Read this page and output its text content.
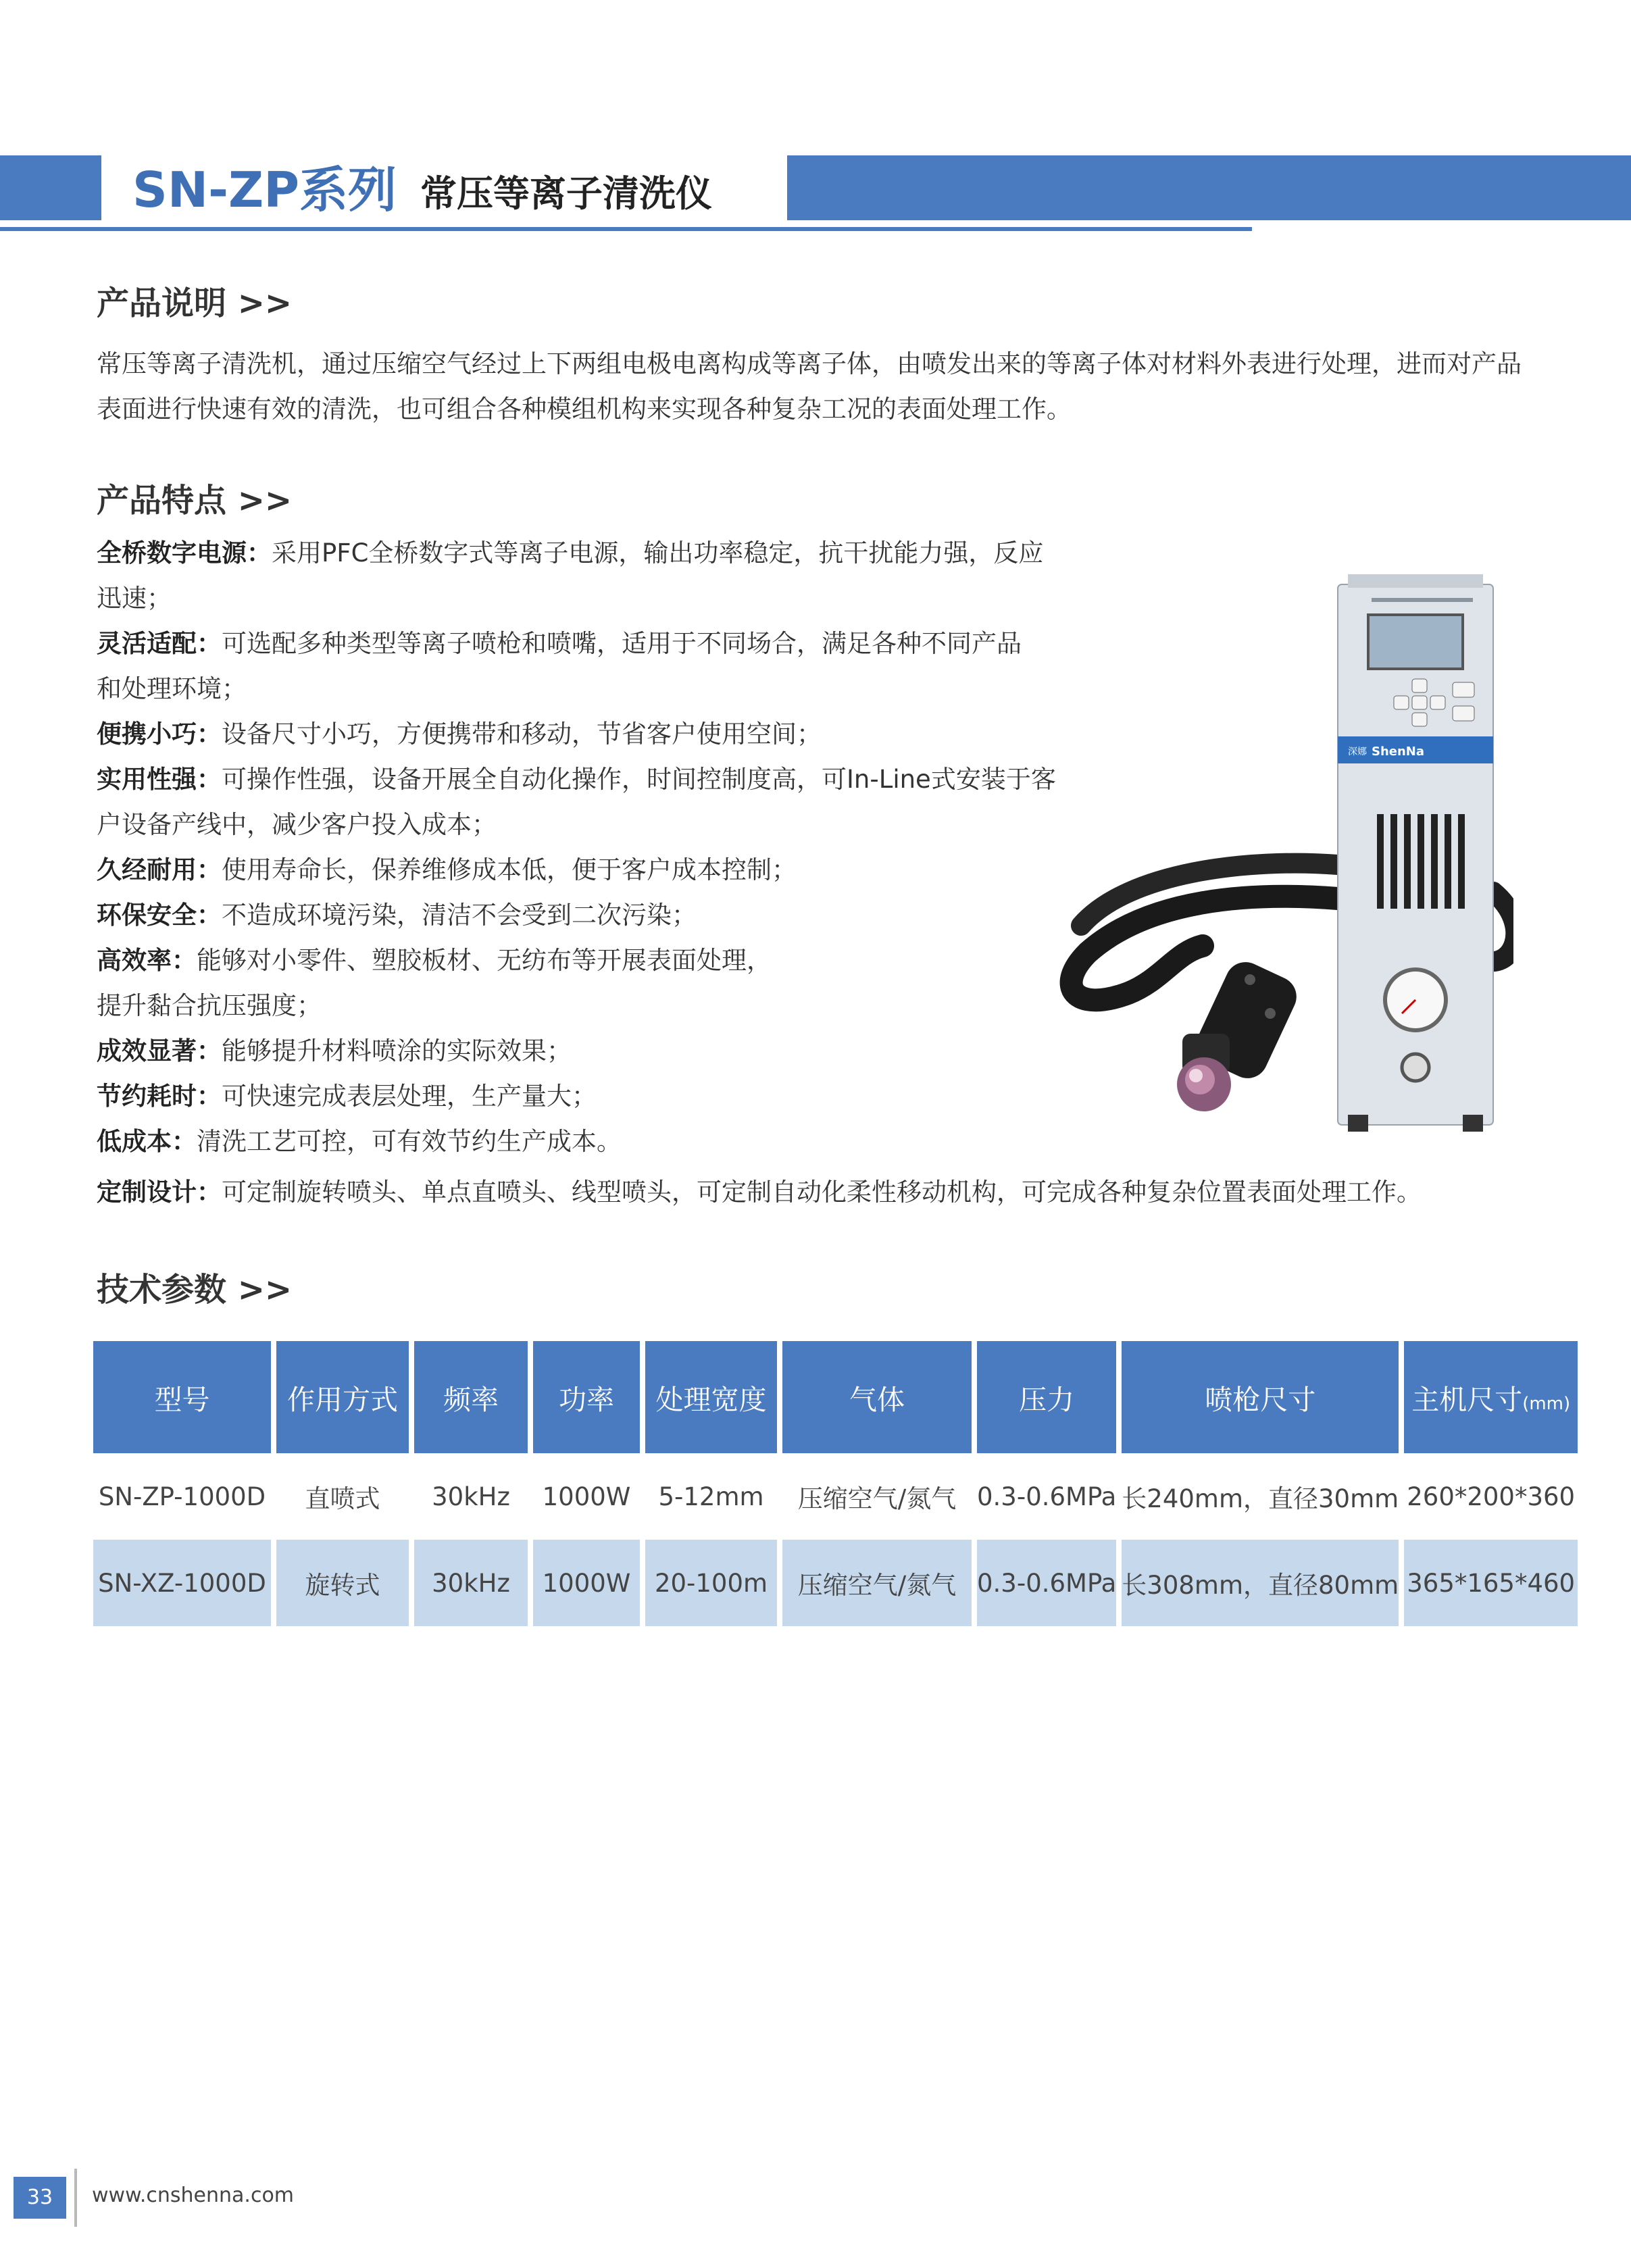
SN-ZP系列 常压等离子清洗仪
产品说明 >>
常压等离子清洗机，通过压缩空气经过上下两组电极电离构成等离子体，由喷发出来的等离子体对材料外表进行处理，进而对产品
表面进行快速有效的清洗，也可组合各种模组机构来实现各种复杂工况的表面处理工作。
产品特点 >>
全桥数字电源：采用PFC全桥数字式等离子电源，输出功率稳定，抗干扰能力强，反应
迅速；
灵活适配：可选配多种类型等离子喷枪和喷嘴，适用于不同场合，满足各种不同产品
和处理环境；
便携小巧：设备尺寸小巧，方便携带和移动，节省客户使用空间；
实用性强：可操作性强，设备开展全自动化操作，时间控制度高，可In-Line式安装于客
户设备产线中，减少客户投入成本；
久经耐用：使用寿命长，保养维修成本低，便于客户成本控制；
环保安全：不造成环境污染，清洁不会受到二次污染；
高效率：能够对小零件、塑胶板材、无纺布等开展表面处理，
提升黏合抗压强度；
成效显著：能够提升材料喷涂的实际效果；
节约耗时：可快速完成表层处理，生产量大；
低成本：清洗工艺可控，可有效节约生产成本。
定制设计：可定制旋转喷头、单点直喷头、线型喷头，可定制自动化柔性移动机构，可完成各种复杂位置表面处理工作。
深娜 ShenNa
技术参数 >>
型号	作用方式	频率	功率	处理宽度	气体	压力	喷枪尺寸	主机尺寸(mm)
SN-ZP-1000D	直喷式	30kHz	1000W	5-12mm	压缩空气/氮气	0.3-0.6MPa	长240mm，直径30mm	260*200*360
SN-XZ-1000D	旋转式	30kHz	1000W	20-100m	压缩空气/氮气	0.3-0.6MPa	长308mm，直径80mm	365*165*460
33	www.cnshenna.com
